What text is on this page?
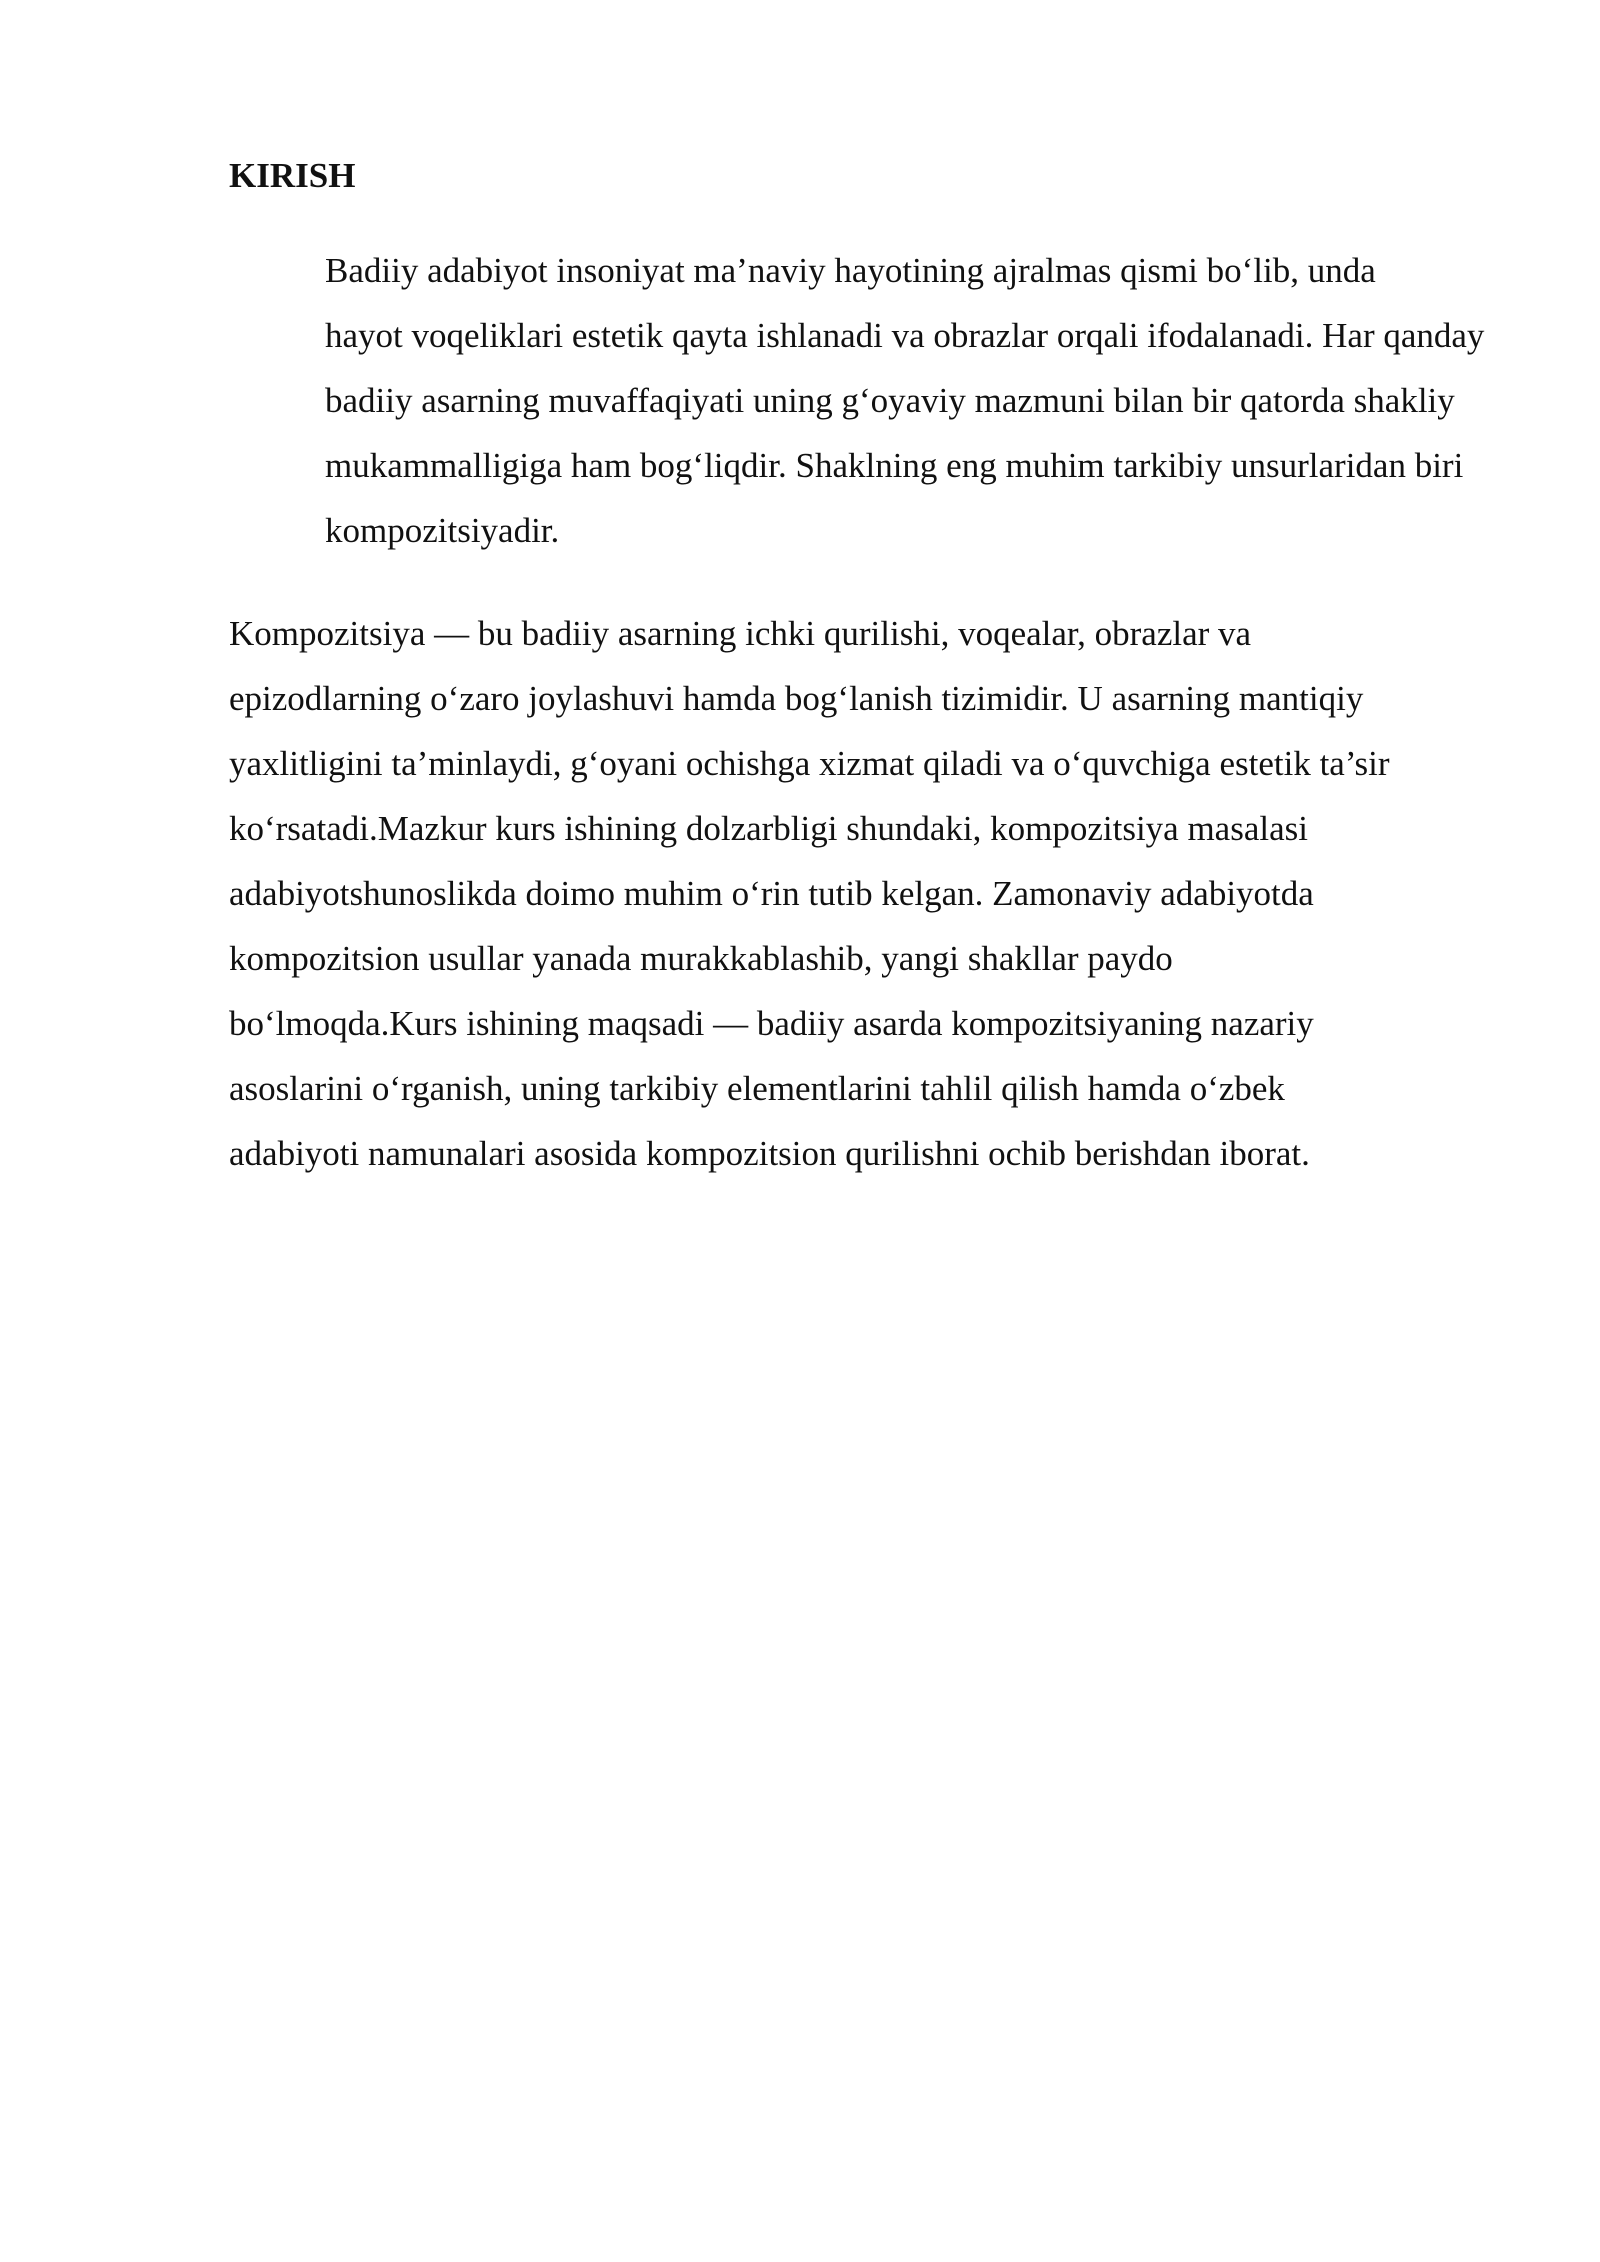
KIRISH

Badiiy adabiyot insoniyat ma’naviy hayotining ajralmas qismi bo‘lib, unda
hayot voqeliklari estetik qayta ishlanadi va obrazlar orqali ifodalanadi. Har qanday
badiiy asarning muvaffaqiyati uning g‘oyaviy mazmuni bilan bir qatorda shakliy
mukammalligiga ham bog‘liqdir. Shaklning eng muhim tarkibiy unsurlaridan biri
kompozitsiyadir.

Kompozitsiya — bu badiiy asarning ichki qurilishi, voqealar, obrazlar va
epizodlarning o‘zaro joylashuvi hamda bog‘lanish tizimidir. U asarning mantiqiy
yaxlitligini ta’minlaydi, g‘oyani ochishga xizmat qiladi va o‘quvchiga estetik ta’sir
ko‘rsatadi.Mazkur kurs ishining dolzarbligi shundaki, kompozitsiya masalasi
adabiyotshunoslikda doimo muhim o‘rin tutib kelgan. Zamonaviy adabiyotda
kompozitsion usullar yanada murakkablashib, yangi shakllar paydo
bo‘lmoqda.Kurs ishining maqsadi — badiiy asarda kompozitsiyaning nazariy
asoslarini o‘rganish, uning tarkibiy elementlarini tahlil qilish hamda o‘zbek
adabiyoti namunalari asosida kompozitsion qurilishni ochib berishdan iborat.
